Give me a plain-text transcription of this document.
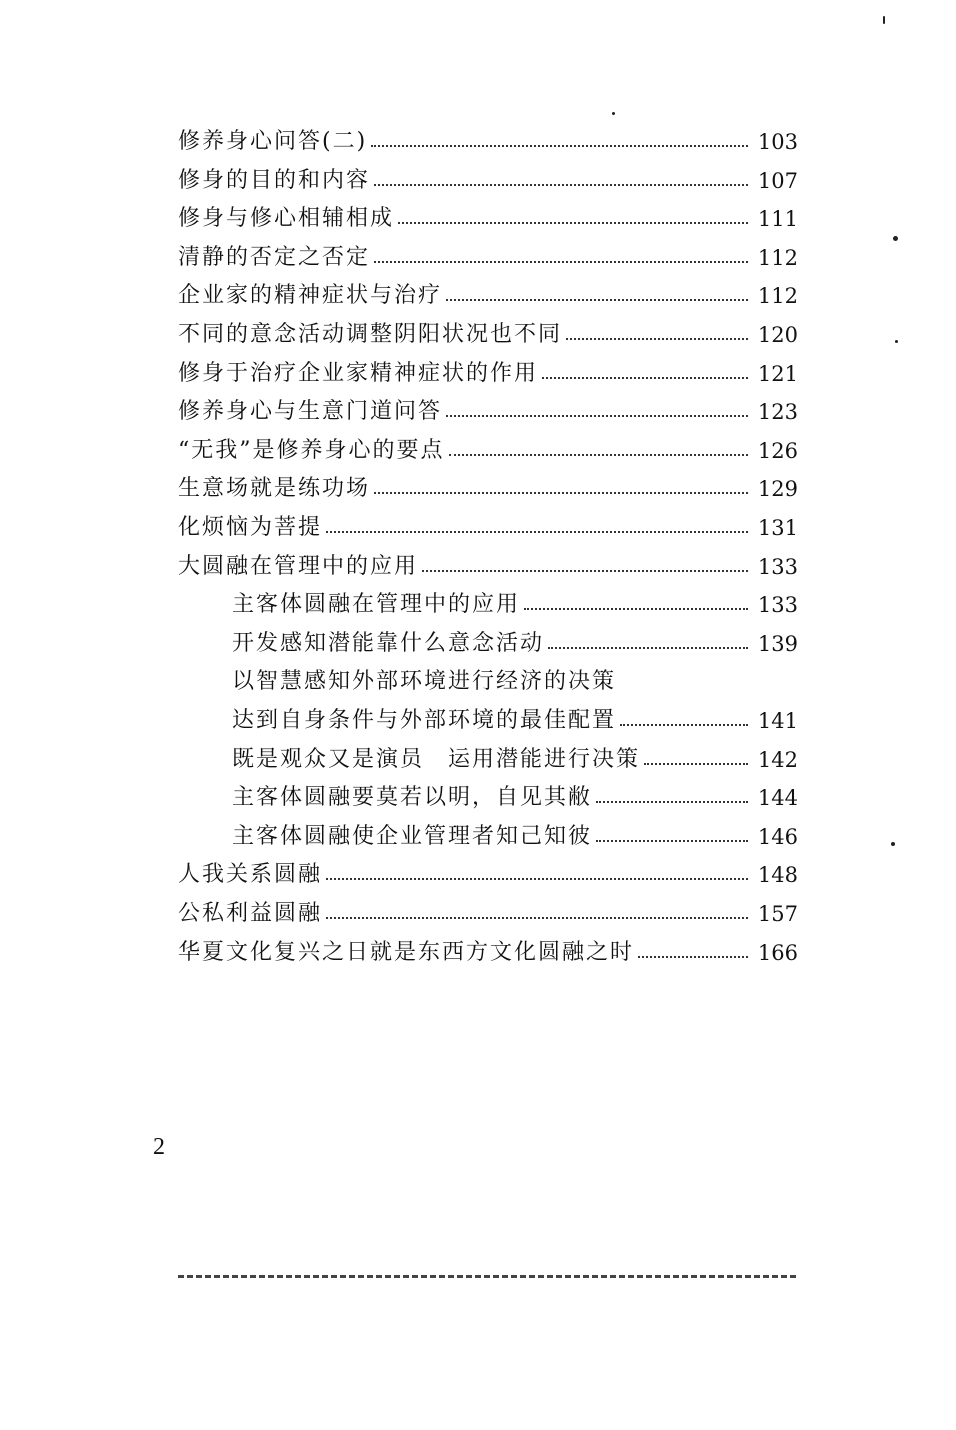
修养身心问答(二)	103
修身的目的和内容	107
修身与修心相辅相成	111
清静的否定之否定	112
企业家的精神症状与治疗	112
不同的意念活动调整阴阳状况也不同	120
修身于治疗企业家精神症状的作用	121
修养身心与生意门道问答	123
“无我”是修养身心的要点	126
生意场就是练功场	129
化烦恼为菩提	131
大圆融在管理中的应用	133
主客体圆融在管理中的应用	133
开发感知潜能靠什么意念活动	139
以智慧感知外部环境进行经济的决策
达到自身条件与外部环境的最佳配置	141
既是观众又是演员　运用潜能进行决策	142
主客体圆融要莫若以明，自见其敝	144
主客体圆融使企业管理者知己知彼	146
人我关系圆融	148
公私利益圆融	157
华夏文化复兴之日就是东西方文化圆融之时	166
2
